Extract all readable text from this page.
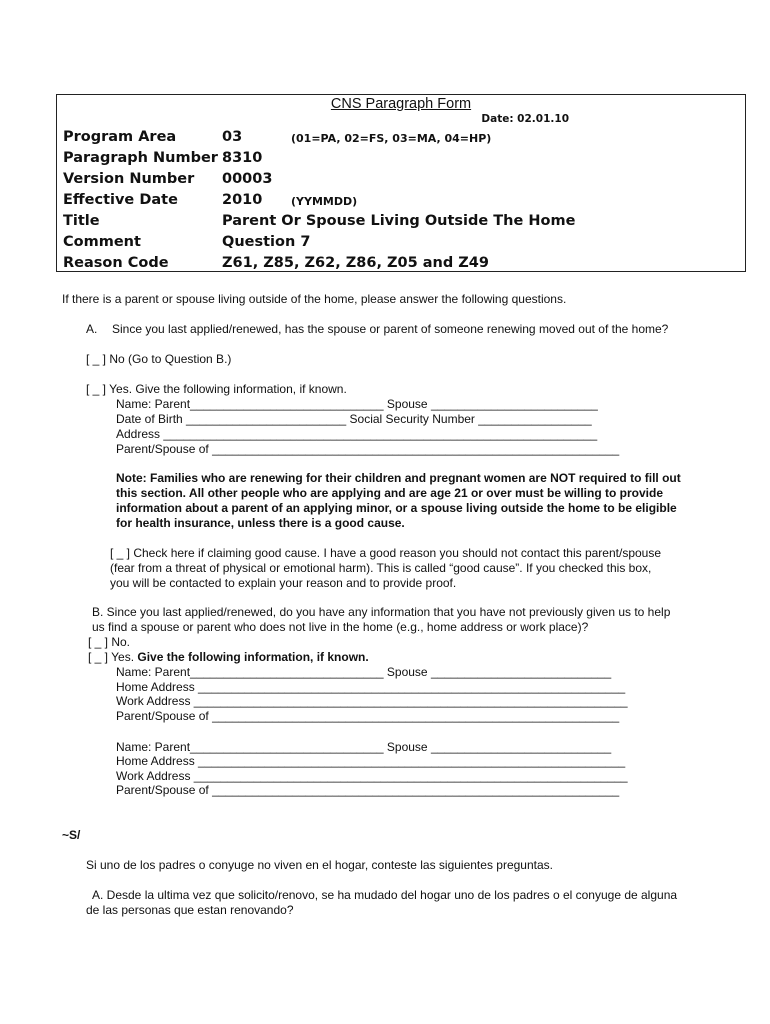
CNS Paragraph Form
Date: 02.01.10
Program Area	03	(01=PA, 02=FS, 03=MA, 04=HP)
Paragraph Number 8310
Version Number 00003
Effective Date	2010	(YYMMDD)
Title	Parent Or Spouse Living Outside The Home
Comment	Question 7
Reason Code	Z61, Z85, Z62, Z86, Z05 and Z49
If there is a parent or spouse living outside of the home, please answer the following questions.
A. Since you last applied/renewed, has the spouse or parent of someone renewing moved out of the home?
[ _ ] No (Go to Question B.)
[ _ ] Yes. Give the following information, if known.
Name: Parent_____________________________ Spouse _________________________
Date of Birth ________________________ Social Security Number _________________
Address _________________________________________________________________
Parent/Spouse of _____________________________________________________________
Note: Families who are renewing for their children and pregnant women are NOT required to fill out
this section. All other people who are applying and are age 21 or over must be willing to provide
information about a parent of an applying minor, or a spouse living outside the home to be eligible
for health insurance, unless there is a good cause.
[ _ ] Check here if claiming good cause. I have a good reason you should not contact this parent/spouse
(fear from a threat of physical or emotional harm). This is called “good cause”. If you checked this box,
you will be contacted to explain your reason and to provide proof.
B. Since you last applied/renewed, do you have any information that you have not previously given us to help
us find a spouse or parent who does not live in the home (e.g., home address or work place)?
[ _ ] No.
[ _ ] Yes. Give the following information, if known.
Name: Parent_____________________________ Spouse ___________________________
Home Address ________________________________________________________________
Work Address _________________________________________________________________
Parent/Spouse of _____________________________________________________________
Name: Parent_____________________________ Spouse ___________________________
Home Address ________________________________________________________________
Work Address _________________________________________________________________
Parent/Spouse of _____________________________________________________________
~S/
Si uno de los padres o conyuge no viven en el hogar, conteste las siguientes preguntas.
A. Desde la ultima vez que solicito/renovo, se ha mudado del hogar uno de los padres o el conyuge de alguna
de las personas que estan renovando?
